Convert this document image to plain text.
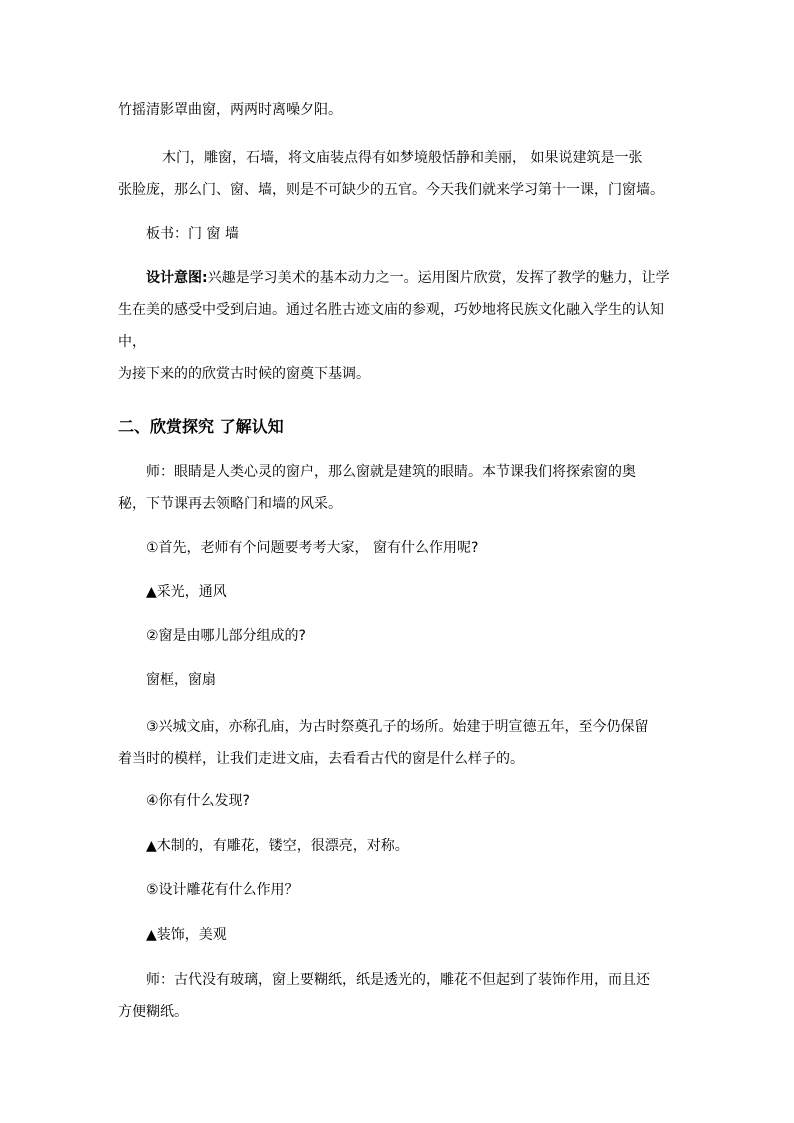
竹摇清影罩曲窗，两两时离噪夕阳。

木门，雕窗，石墙，将文庙装点得有如梦境般恬静和美丽， 如果说建筑是一张
张脸庞，那么门、窗、墙，则是不可缺少的五官。今天我们就来学习第十一课，门窗墙。

板书：门 窗 墙

设计意图:兴趣是学习美术的基本动力之一。运用图片欣赏，发挥了教学的魅力，让学
生在美的感受中受到启迪。通过名胜古迹文庙的参观，巧妙地将民族文化融入学生的认知中，
为接下来的的欣赏古时候的窗奠下基调。

二、欣赏探究 了解认知

师：眼睛是人类心灵的窗户，那么窗就是建筑的眼睛。本节课我们将探索窗的奥
秘，下节课再去领略门和墙的风采。

①首先，老师有个问题要考考大家， 窗有什么作用呢?

▲采光，通风

②窗是由哪儿部分组成的?

窗框，窗扇

③兴城文庙，亦称孔庙，为古时祭奠孔子的场所。始建于明宣德五年，至今仍保留
着当时的模样，让我们走进文庙，去看看古代的窗是什么样子的。

④你有什么发现?

▲木制的，有雕花，镂空，很漂亮，对称。

⑤设计雕花有什么作用？

▲装饰，美观

师：古代没有玻璃，窗上要糊纸，纸是透光的，雕花不但起到了装饰作用，而且还
方便糊纸。
